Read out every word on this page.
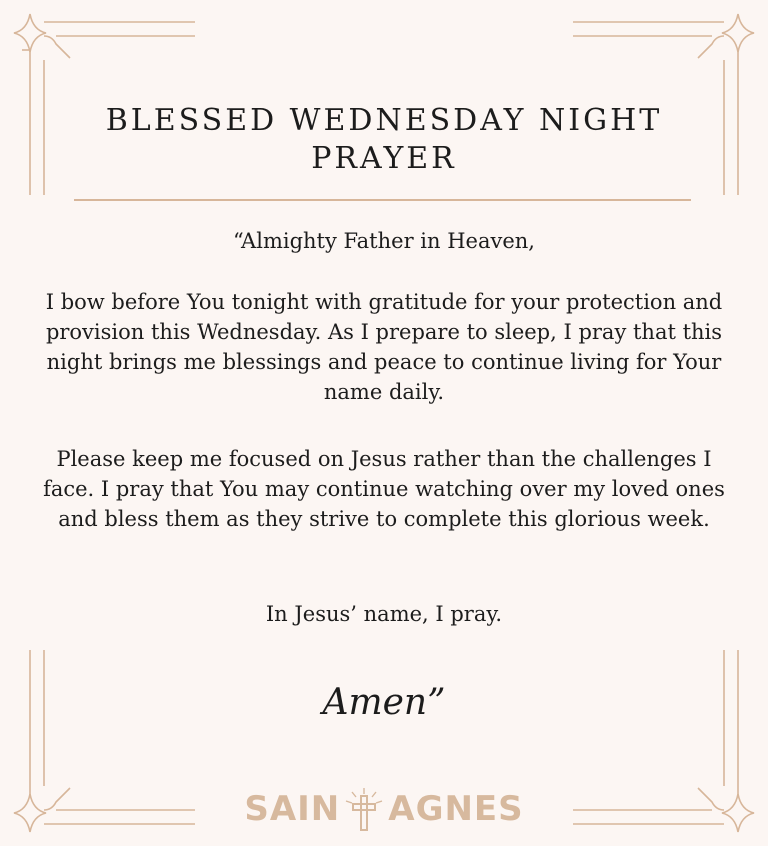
BLESSED WEDNESDAY NIGHT PRAYER

“Almighty Father in Heaven,

I bow before You tonight with gratitude for your protection and provision this Wednesday. As I prepare to sleep, I pray that this night brings me blessings and peace to continue living for Your name daily.

Please keep me focused on Jesus rather than the challenges I face. I pray that You may continue watching over my loved ones and bless them as they strive to complete this glorious week.

In Jesus’ name, I pray.

Amen”
SAIN AGNES
